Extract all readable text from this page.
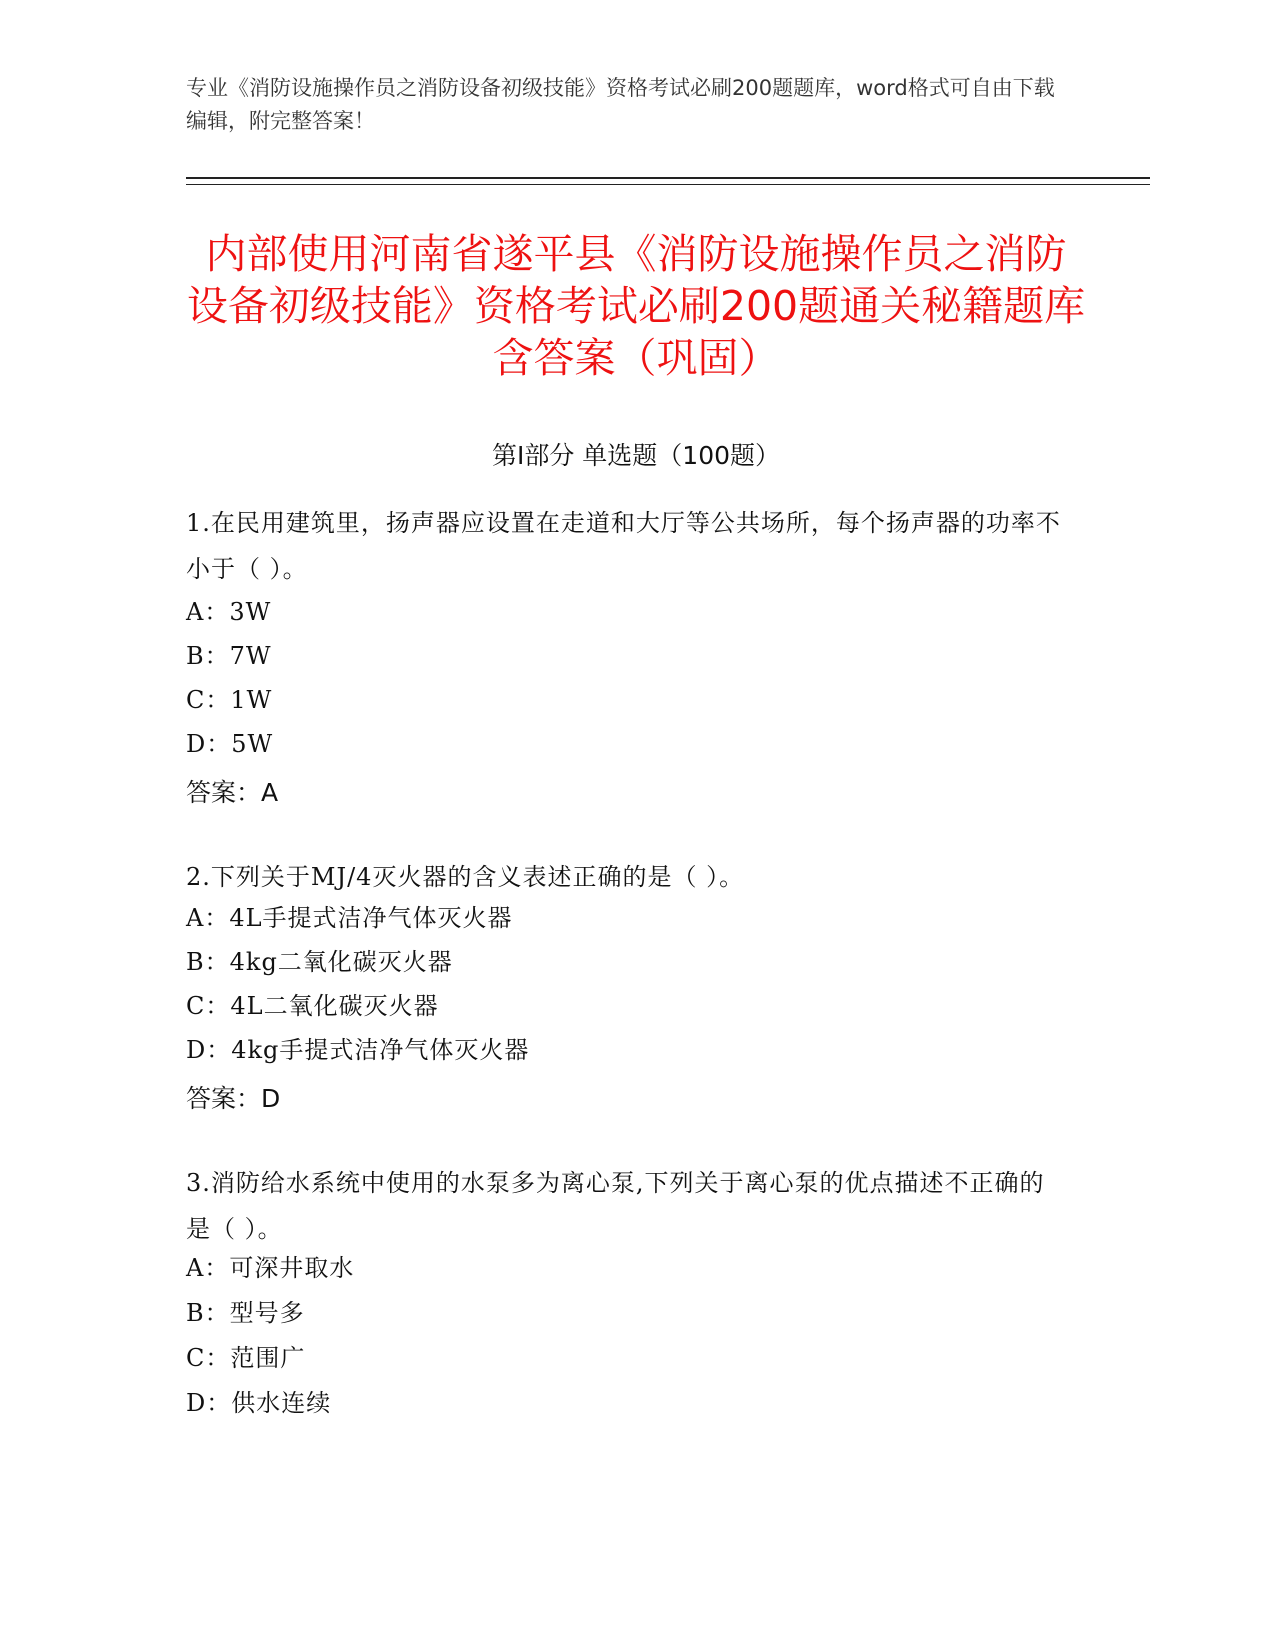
专业《消防设施操作员之消防设备初级技能》资格考试必刷200题题库，word格式可自由下载编辑，附完整答案！
内部使用河南省遂平县《消防设施操作员之消防设备初级技能》资格考试必刷200题通关秘籍题库含答案（巩固）
第Ⅰ部分 单选题（100题）
1.在民用建筑里，扬声器应设置在走道和大厅等公共场所，每个扬声器的功率不小于（ ）。
A：3W
B：7W
C：1W
D：5W
答案：A
2.下列关于MJ/4灭火器的含义表述正确的是（ ）。
A：4L手提式洁净气体灭火器
B：4kg二氧化碳灭火器
C：4L二氧化碳灭火器
D：4kg手提式洁净气体灭火器
答案：D
3.消防给水系统中使用的水泵多为离心泵,下列关于离心泵的优点描述不正确的是（ ）。
A：可深井取水
B：型号多
C：范围广
D：供水连续
